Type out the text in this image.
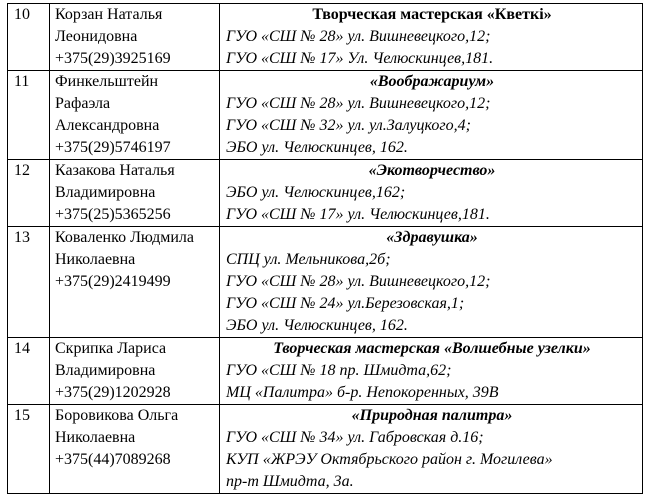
10	Корзан Наталья
Леонидовна
+375(29)3925169	Творческая мастерская «Кветкі»
ГУО «СШ № 28» ул. Вишневецкого,12;
ГУО «СШ № 17» Ул. Челюскинцев,181.

11	Финкельштейн
Рафаэла
Александровна
+375(29)5746197	«Воображариум»
ГУО «СШ № 28» ул. Вишневецкого,12;
ГУО «СШ № 32» ул. ул.Залуцкого,4;
ЭБО ул. Челюскинцев, 162.

12	Казакова Наталья
Владимировна
+375(25)5365256	«Экотворчество»
ЭБО ул. Челюскинцев,162;
ГУО «СШ № 17» ул. Челюскинцев,181.

13	Коваленко Людмила
Николаевна
+375(29)2419499	«Здравушка»
СПЦ ул. Мельникова,2б;
ГУО «СШ № 28» ул. Вишневецкого,12;
ГУО «СШ № 24» ул.Березовская,1;
ЭБО ул. Челюскинцев, 162.

14	Скрипка Лариса
Владимировна
+375(29)1202928	Творческая мастерская «Волшебные узелки»
ГУО «СШ № 18 пр. Шмидта,62;
МЦ «Палитра» б-р. Непокоренных, 39В

15	Боровикова Ольга
Николаевна
+375(44)7089268	«Природная палитра»
ГУО «СШ № 34» ул. Габровская д.16;
КУП «ЖРЭУ Октябрьского район г. Могилева»
пр-т Шмидта, 3а.
